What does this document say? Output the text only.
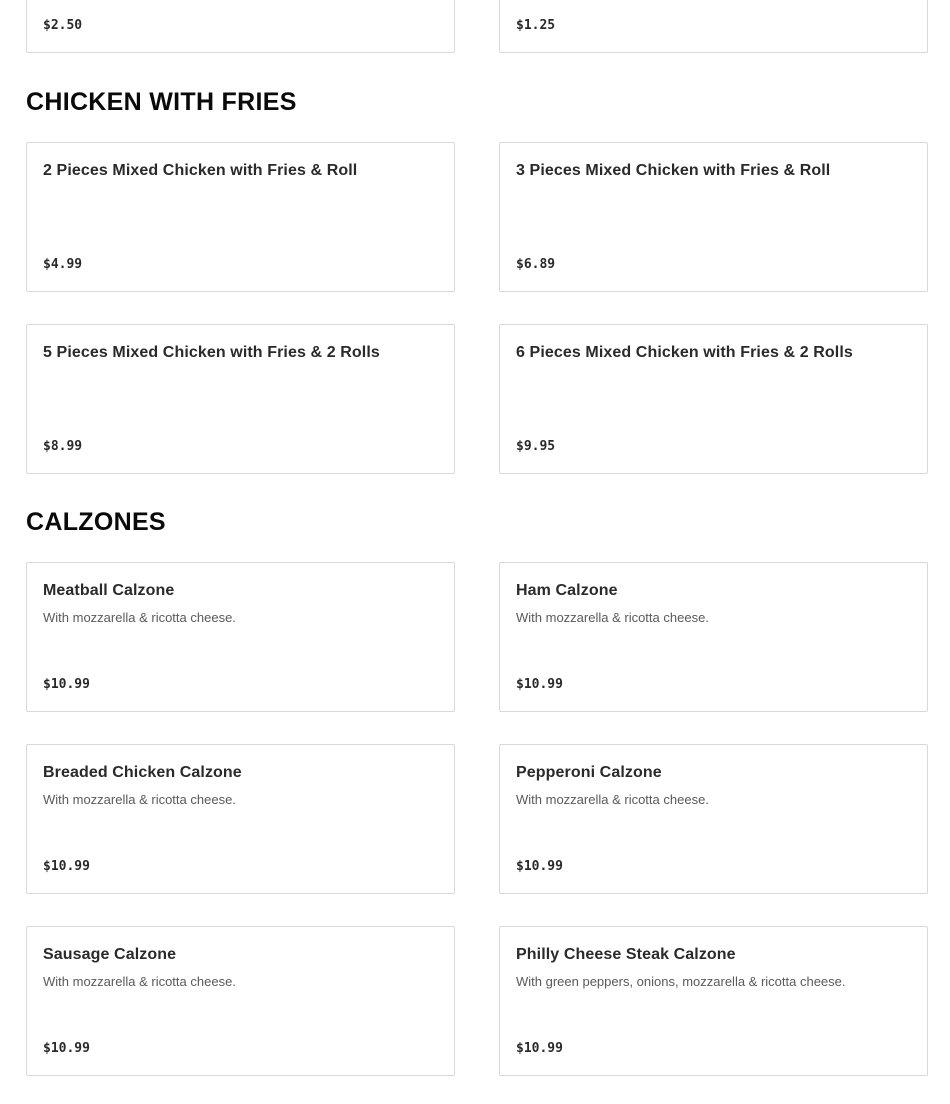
$2.50	$1.25
CHICKEN WITH FRIES
2 Pieces Mixed Chicken with Fries & Roll
$4.99
3 Pieces Mixed Chicken with Fries & Roll
$6.89
5 Pieces Mixed Chicken with Fries & 2 Rolls
$8.99
6 Pieces Mixed Chicken with Fries & 2 Rolls
$9.95
CALZONES
Meatball Calzone
With mozzarella & ricotta cheese.
$10.99
Ham Calzone
With mozzarella & ricotta cheese.
$10.99
Breaded Chicken Calzone
With mozzarella & ricotta cheese.
$10.99
Pepperoni Calzone
With mozzarella & ricotta cheese.
$10.99
Sausage Calzone
With mozzarella & ricotta cheese.
$10.99
Philly Cheese Steak Calzone
With green peppers, onions, mozzarella & ricotta cheese.
$10.99
